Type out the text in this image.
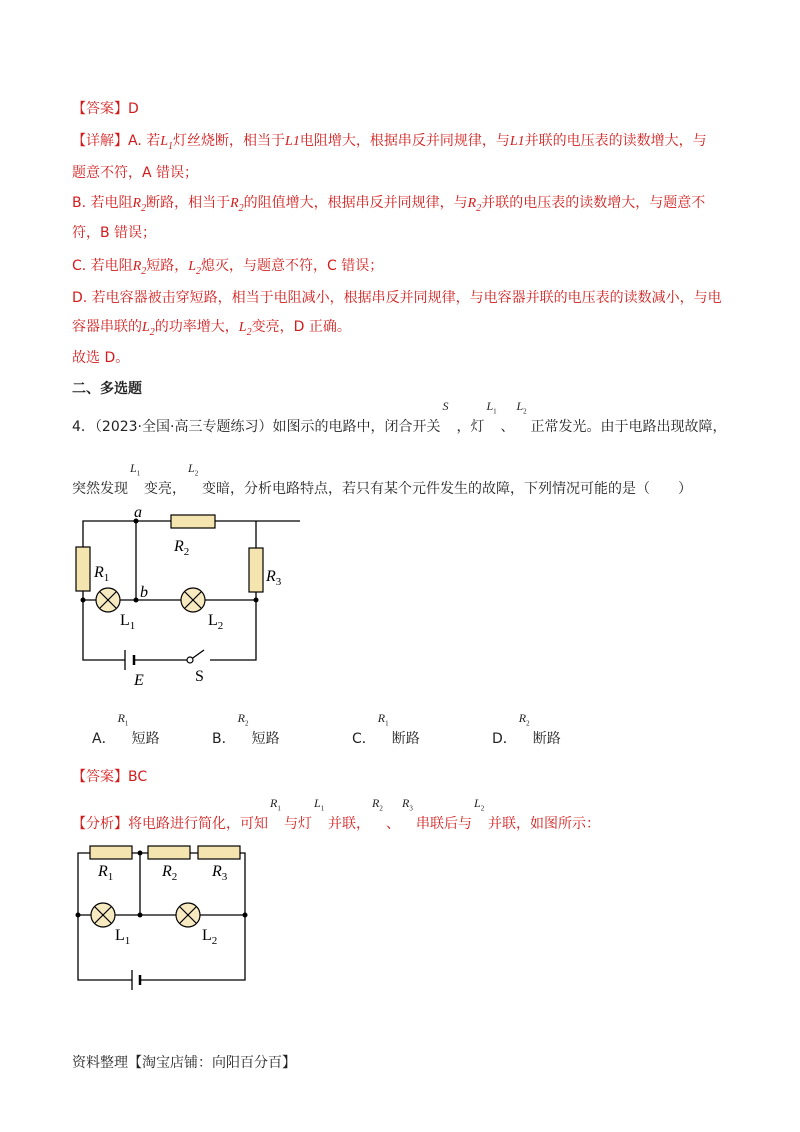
【答案】D
【详解】A. 若$L_1$灯丝烧断，相当于L1电阻增大，根据串反并同规律，与L1并联的电压表的读数增大，与
题意不符，A 错误；
B. 若电阻$R_2$断路，相当于$R_2$的阻值增大，根据串反并同规律，与$R_2$并联的电压表的读数增大，与题意不
符，B 错误；
C. 若电阻$R_2$短路，$L_2$熄灭，与题意不符，C 错误；
D. 若电容器被击穿短路，相当于电阻减小，根据串反并同规律，与电容器并联的电压表的读数减小，与电
容器串联的$L_2$的功率增大，$L_2$变亮，D 正确。
故选 D。
二、多选题
4．（2023·全国·高三专题练习）如图示的电路中，闭合开关
S
，灯
$L_1$
、
$L_2$
正常发光。由于电路出现故障，
突然发现
$L_1$
变亮，
$L_2$
变暗，分析电路特点，若只有某个元件发生的故障，下列情况可能的是（　　）
a
b
$R_1$
$R_2$
$R_3$
$L_1$	$L_2$
E	S
A．
$R_1$
短路	B．
$R_2$
短路	C．
$R_1$
断路	D．
$R_2$
断路
【答案】BC
【分析】将电路进行简化，可知
$R_1$
与灯
$L_1$
并联，
$R_2$
、
$R_3$
串联后与
$L_2$
并联，如图所示：
$R_1$	$R_2$ $R_3$
$L_1$	$L_2$
资料整理【淘宝店铺：向阳百分百】
